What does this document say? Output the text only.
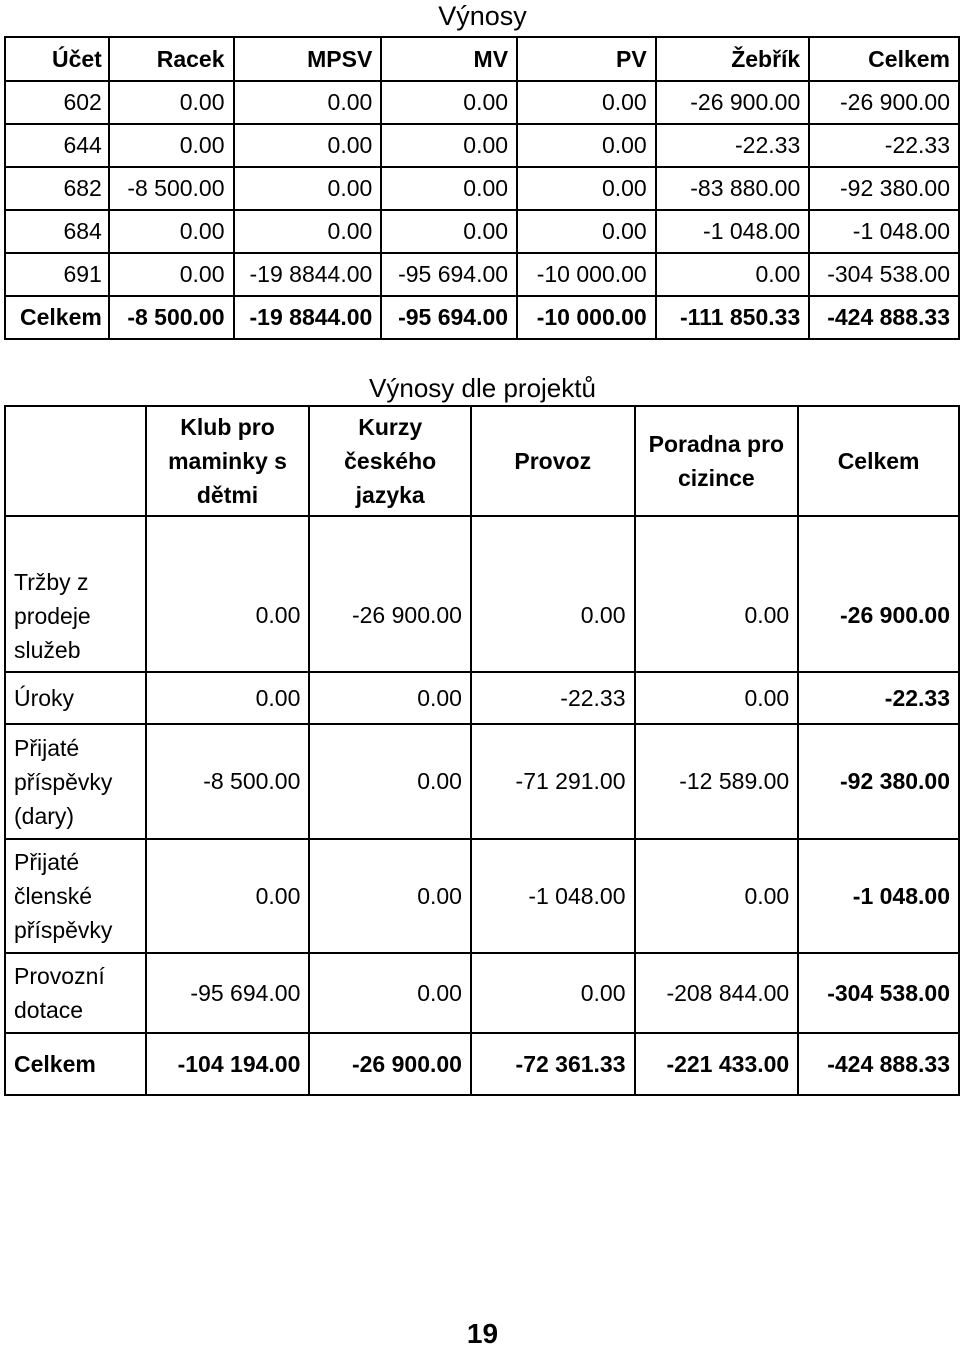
Výnosy
Účet	Racek	MPSV	MV	PV	Žebřík	Celkem
602	0.00	0.00	0.00	0.00	-26 900.00	-26 900.00
644	0.00	0.00	0.00	0.00	-22.33	-22.33
682	-8 500.00	0.00	0.00	0.00	-83 880.00	-92 380.00
684	0.00	0.00	0.00	0.00	-1 048.00	-1 048.00
691	0.00	-19 8844.00	-95 694.00	-10 000.00	0.00	-304 538.00
Celkem	-8 500.00	-19 8844.00	-95 694.00	-10 000.00	-111 850.33	-424 888.33
Výnosy dle projektů
	Klub pro maminky s dětmi	Kurzy českého jazyka	Provoz	Poradna pro cizince	Celkem
Tržby z prodeje služeb	0.00	-26 900.00	0.00	0.00	-26 900.00
Úroky	0.00	0.00	-22.33	0.00	-22.33
Přijaté příspěvky (dary)	-8 500.00	0.00	-71 291.00	-12 589.00	-92 380.00
Přijaté členské příspěvky	0.00	0.00	-1 048.00	0.00	-1 048.00
Provozní dotace	-95 694.00	0.00	0.00	-208 844.00	-304 538.00
Celkem	-104 194.00	-26 900.00	-72 361.33	-221 433.00	-424 888.33
19
